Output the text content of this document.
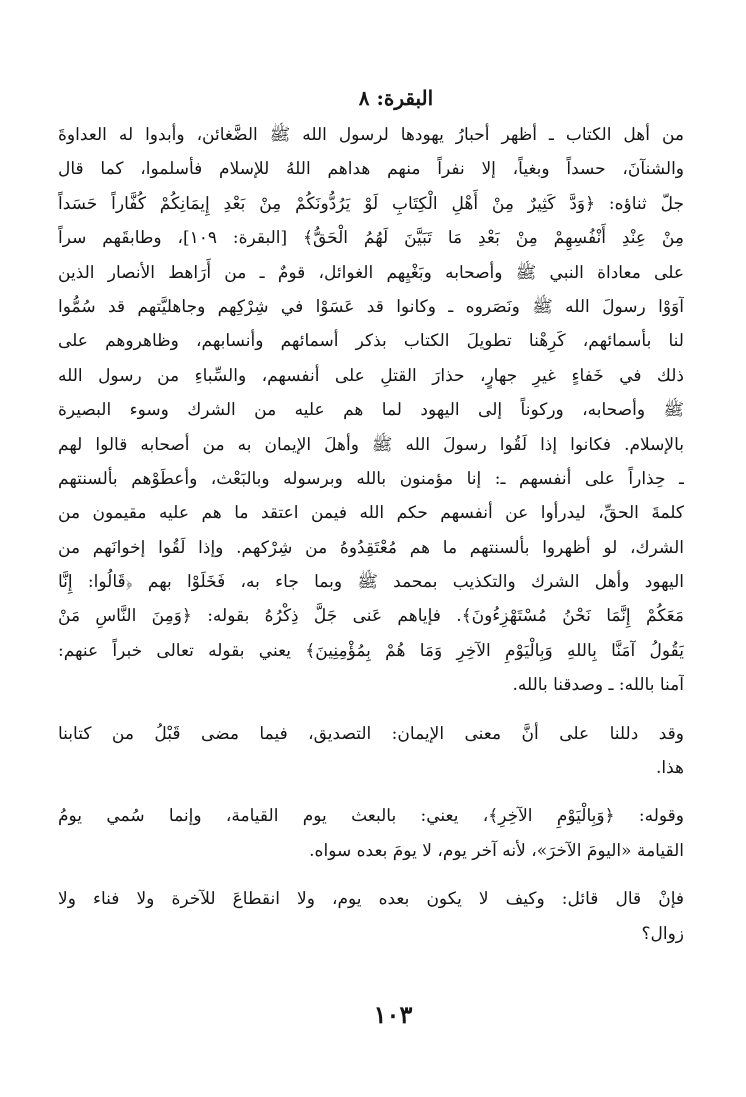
البقرة: ٨
من أهل الكتاب ـ أظهر أحبارُ يهودها لرسول الله ﷺ الضَّغائن، وأبدوا له العداوةَ
والشنآنَ، حسداً وبغياً، إلا نفراً منهم هداهم اللهُ للإسلام فأسلموا، كما قال
جلّ ثناؤه: ﴿وَدَّ كَثِيرٌ مِنْ أَهْلِ الْكِتَابِ لَوْ يَرُدُّونَكُمْ مِنْ بَعْدِ إِيمَانِكُمْ كُفَّاراً حَسَداً
مِنْ عِنْدِ أَنْفُسِهِمْ مِنْ بَعْدِ مَا تَبَيَّنَ لَهُمُ الْحَقُّ﴾ [البقرة: ١٠٩]، وطابقَهم سراً
على معاداة النبي ﷺ وأصحابه وبَغْيِهم الغوائل، قومٌ ـ من أَرَاهط الأنصار الذين
آوَوْا رسولَ الله ﷺ ونَصَروه ـ وكانوا قد عَسَوْا في شِرْكِهم وجاهليَّتهم قد سُمُّوا
لنا بأسمائهم، كَرِهْنا تطويلَ الكتاب بذكر أسمائهم وأنسابهم، وظاهروهم على
ذلك في خَفاءٍ غيرِ جهارٍ، حذارَ القتلِ على أنفسهم، والسِّباءِ من رسول الله
ﷺ وأصحابه، وركوناً إلى اليهود لما هم عليه من الشرك وسوء البصيرة
بالإسلام. فكانوا إذا لَقُوا رسولَ الله ﷺ وأهلَ الإيمان به من أصحابه قالوا لهم
ـ حِذاراً على أنفسهم ـ: إنا مؤمنون بالله وبرسوله وبالبَعْث، وأعطَوْهم بألسنتهم
كلمةَ الحقِّ، ليدرأوا عن أنفسهم حكم الله فيمن اعتقد ما هم عليه مقيمون من
الشرك، لو أظهروا بألسنتهم ما هم مُعْتَقِدُوهُ من شِرْكهم. وإذا لَقُوا إخوانَهم من
اليهود وأهل الشرك والتكذيب بمحمد ﷺ وبما جاء به، فَخَلَوْا بهم ﴿قَالُوا: إِنَّا
مَعَكُمْ إِنَّمَا نَحْنُ مُسْتَهْزِءُونَ﴾. فإياهم عَنى جَلَّ ذِكْرُهُ بقوله: ﴿وَمِنَ النَّاسِ مَنْ
يَقُولُ آمَنَّا بِاللهِ وَبِالْيَوْمِ الآخِرِ وَمَا هُمْ بِمُؤْمِنِينَ﴾ يعني بقوله تعالى خبراً عنهم:
آمنا بالله: ـ وصدقنا بالله.
وقد دللنا على أنَّ معنى الإيمان: التصديق، فيما مضى قَبْلُ من كتابنا
هذا.
وقوله: ﴿وَبِالْيَوْمِ الآخِرِ﴾، يعني: بالبعث يوم القيامة، وإنما سُمي يومُ
القيامة «اليومَ الآخرَ»، لأنه آخر يوم، لا يومَ بعده سواه.
فإنْ قال قائل: وكيف لا يكون بعده يوم، ولا انقطاعَ للآخرة ولا فناء ولا
زوال؟
١٠٣
